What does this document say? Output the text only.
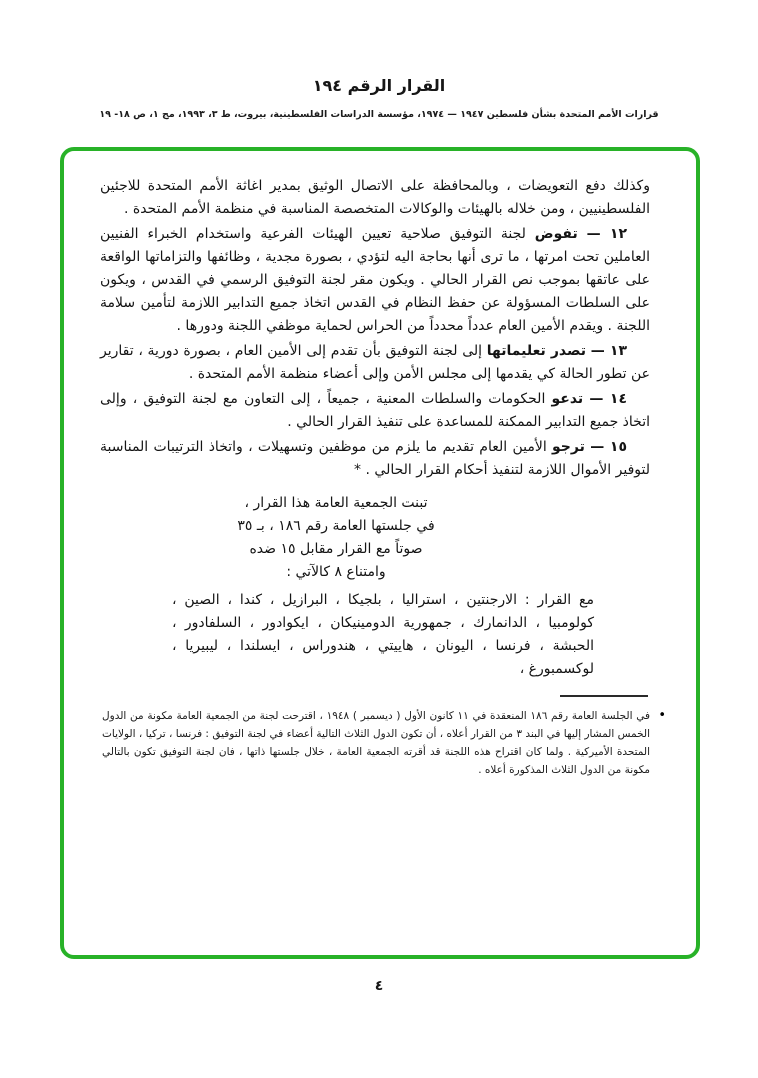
القرار الرقم ١٩٤
قرارات الأمم المتحدة بشأن فلسطين ١٩٤٧ — ١٩٧٤، مؤسسة الدراسات الفلسطينية، بيروت، ط ٣، ١٩٩٣، مج ١، ص ١٨- ١٩

وكذلك دفع التعويضات ، وبالمحافظة على الاتصال الوثيق بمدير اغاثة الأمم المتحدة للاجئين الفلسطينيين ، ومن خلاله بالهيئات والوكالات المتخصصة المناسبة في منظمة الأمم المتحدة .

١٢ — تفوض لجنة التوفيق صلاحية تعيين الهيئات الفرعية واستخدام الخبراء الفنيين العاملين تحت امرتها ، ما ترى أنها بحاجة اليه لتؤدي ، بصورة مجدية ، وظائفها والتزاماتها الواقعة على عاتقها بموجب نص القرار الحالي . ويكون مقر لجنة التوفيق الرسمي في القدس ، ويكون على السلطات المسؤولة عن حفظ النظام في القدس اتخاذ جميع التدابير اللازمة لتأمين سلامة اللجنة . ويقدم الأمين العام عدداً محدداً من الحراس لحماية موظفي اللجنة ودورها .

١٣ — تصدر تعليماتها إلى لجنة التوفيق بأن تقدم إلى الأمين العام ، بصورة دورية ، تقارير عن تطور الحالة كي يقدمها إلى مجلس الأمن وإلى أعضاء منظمة الأمم المتحدة .

١٤ — تدعو الحكومات والسلطات المعنية ، جميعاً ، إلى التعاون مع لجنة التوفيق ، وإلى اتخاذ جميع التدابير الممكنة للمساعدة على تنفيذ القرار الحالي .

١٥ — ترجو الأمين العام تقديم ما يلزم من موظفين وتسهيلات ، واتخاذ الترتيبات المناسبة لتوفير الأموال اللازمة لتنفيذ أحكام القرار الحالي . *

تبنت الجمعية العامة هذا القرار ،
في جلستها العامة رقم ١٨٦ ، بـ ٣٥
صوتاً مع القرار مقابل ١٥ ضده
وامتناع ٨ كالآتي :

مع القرار : الارجنتين ، استراليا ، بلجيكا ، البرازيل ، كندا ، الصين ، كولومبيا ، الدانمارك ، جمهورية الدومينيكان ، ايكوادور ، السلفادور ، الحبشة ، فرنسا ، اليونان ، هاييتي ، هندوراس ، ايسلندا ، ليبيريا ، لوكسمبورغ ،

•
في الجلسة العامة رقم ١٨٦ المنعقدة في ١١ كانون الأول ( ديسمبر ) ١٩٤٨ ، اقترحت لجنة من الجمعية العامة مكونة من الدول الخمس المشار إليها في البند ٣ من القرار أعلاه ، أن تكون الدول الثلاث التالية أعضاء في لجنة التوفيق : فرنسا ، تركيا ، الولايات المتحدة الأميركية . ولما كان اقتراح هذه اللجنة قد أقرته الجمعية العامة ، خلال جلستها ذاتها ، فان لجنة التوفيق تكون بالتالي مكونة من الدول الثلاث المذكورة أعلاه .
٤
